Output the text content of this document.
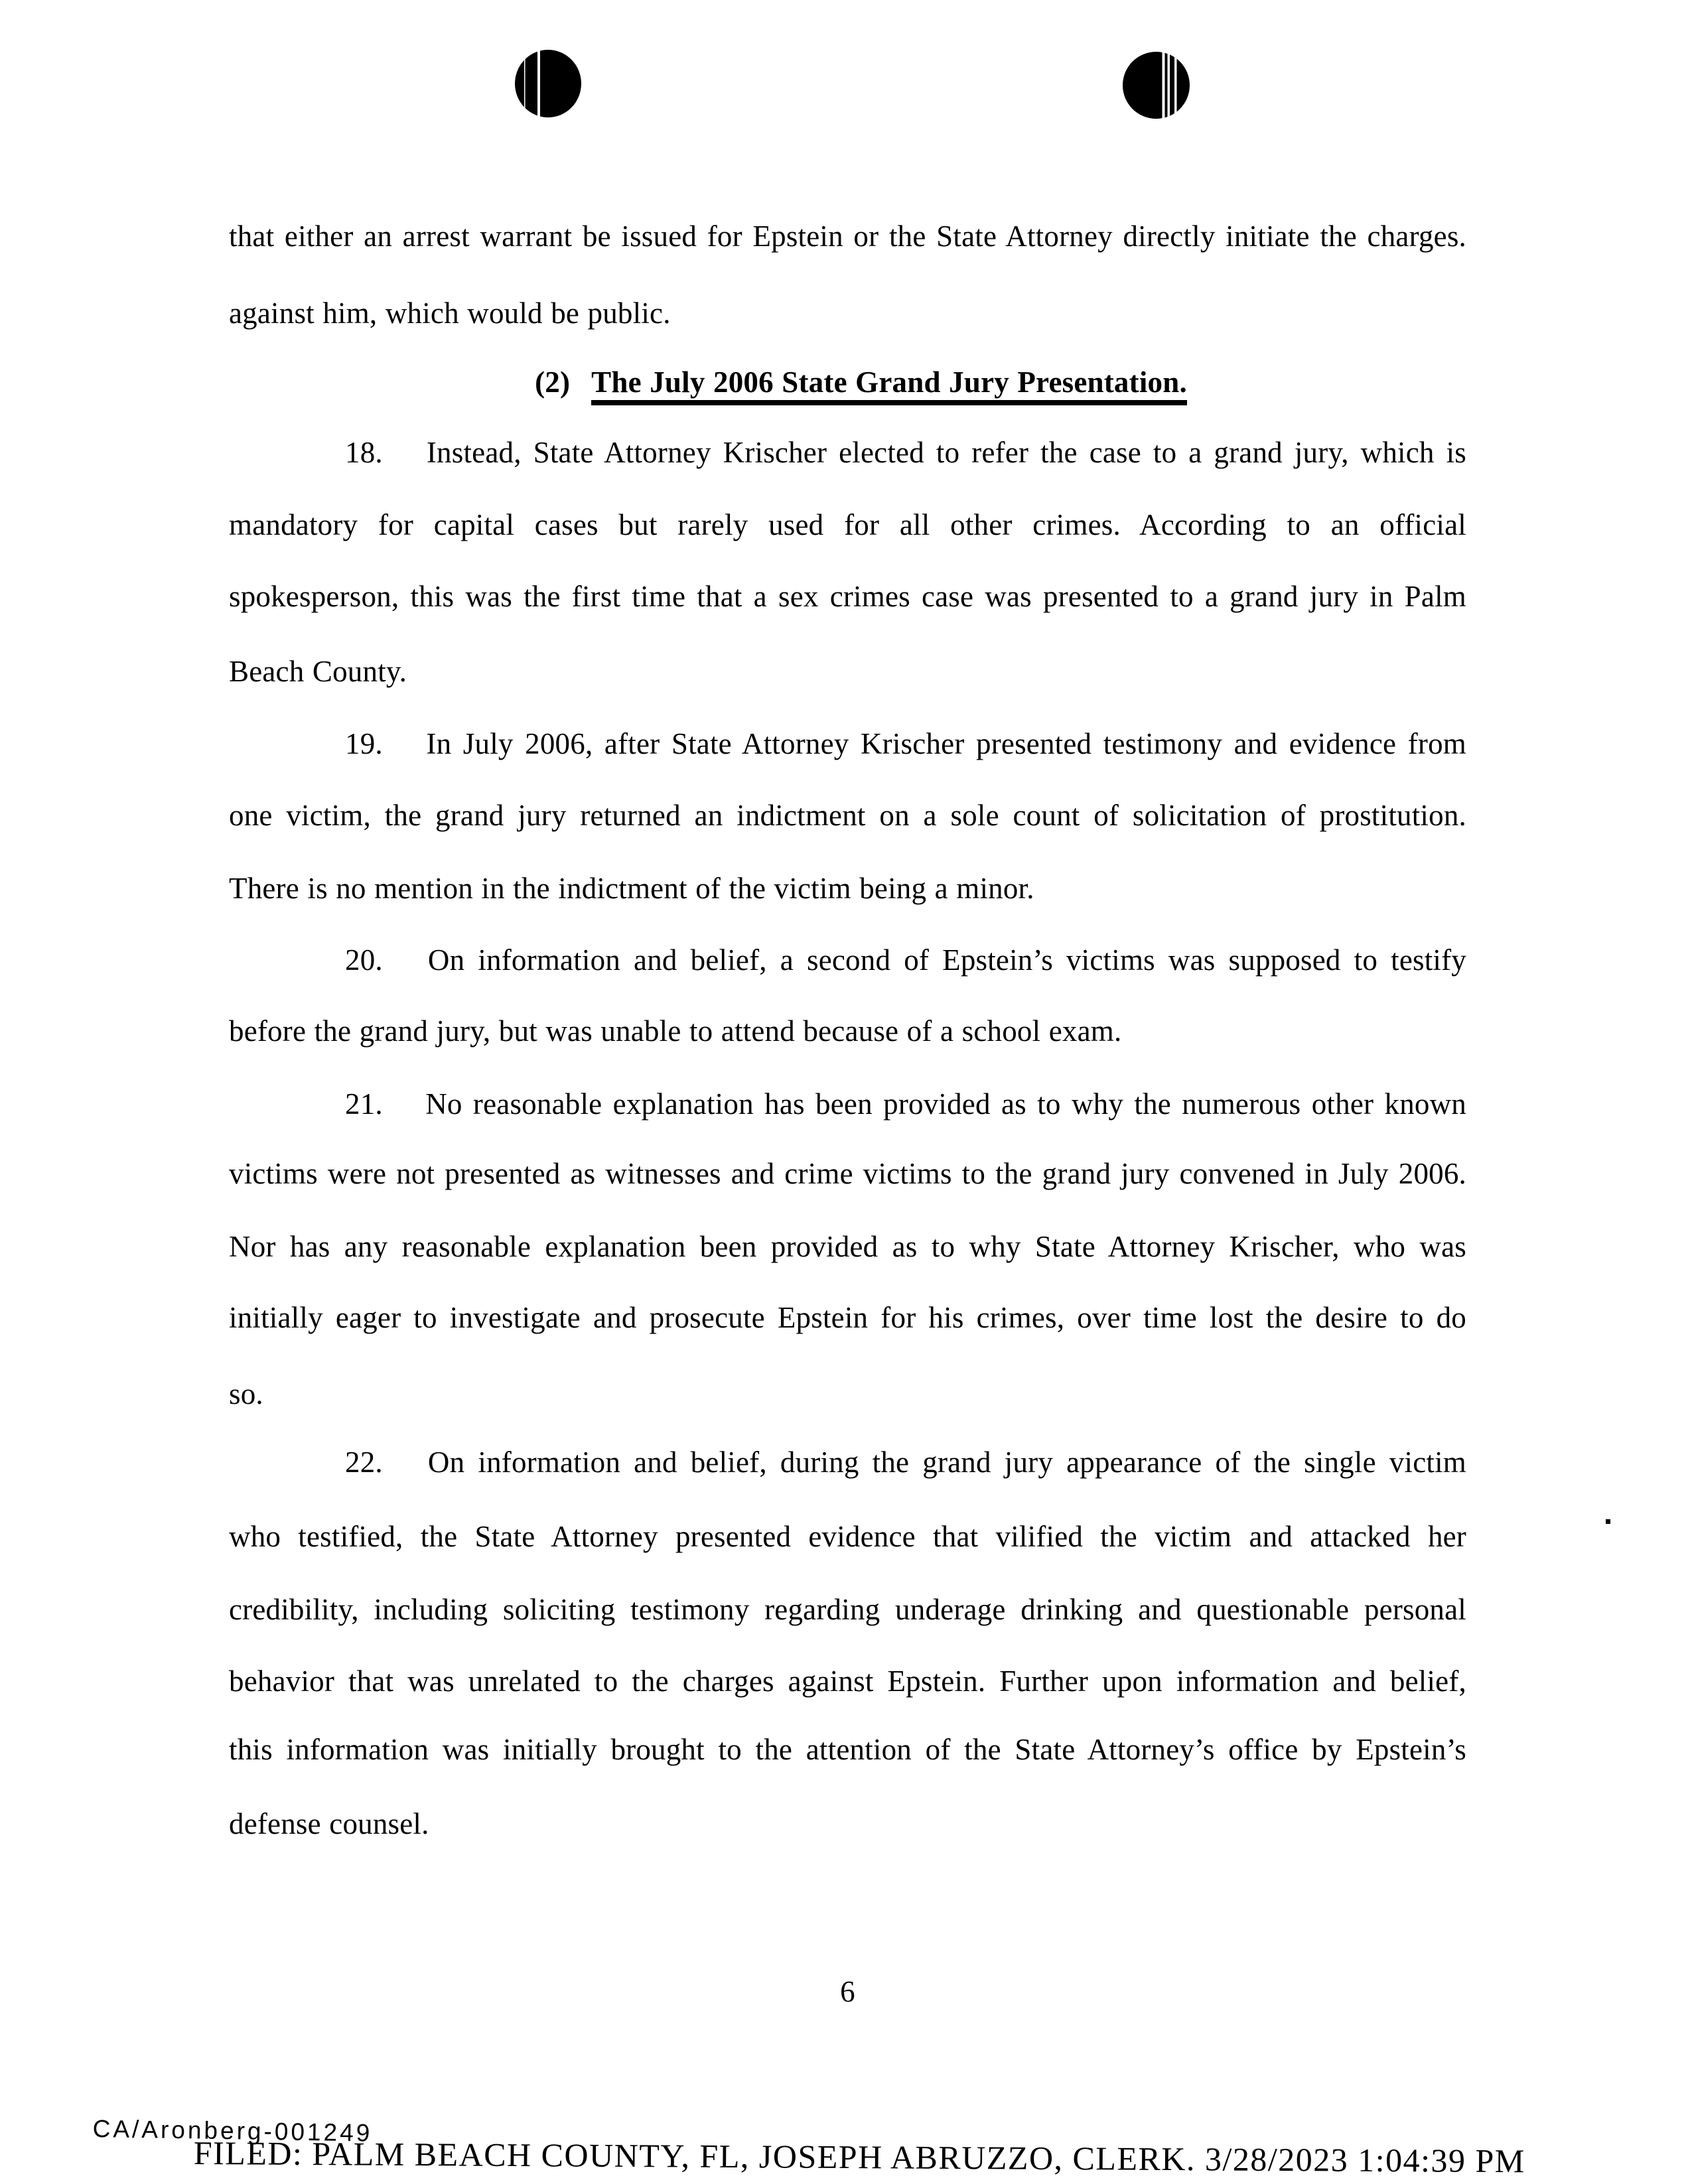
that either an arrest warrant be issued for Epstein or the State Attorney directly initiate the charges.
against him, which would be public.
(2) The July 2006 State Grand Jury Presentation.
18. Instead, State Attorney Krischer elected to refer the case to a grand jury, which is
mandatory for capital cases but rarely used for all other crimes. According to an official
spokesperson, this was the first time that a sex crimes case was presented to a grand jury in Palm
Beach County.
19. In July 2006, after State Attorney Krischer presented testimony and evidence from
one victim, the grand jury returned an indictment on a sole count of solicitation of prostitution.
There is no mention in the indictment of the victim being a minor.
20. On information and belief, a second of Epstein’s victims was supposed to testify
before the grand jury, but was unable to attend because of a school exam.
21. No reasonable explanation has been provided as to why the numerous other known
victims were not presented as witnesses and crime victims to the grand jury convened in July 2006.
Nor has any reasonable explanation been provided as to why State Attorney Krischer, who was
initially eager to investigate and prosecute Epstein for his crimes, over time lost the desire to do
so.
22. On information and belief, during the grand jury appearance of the single victim
who testified, the State Attorney presented evidence that vilified the victim and attacked her
credibility, including soliciting testimony regarding underage drinking and questionable personal
behavior that was unrelated to the charges against Epstein. Further upon information and belief,
this information was initially brought to the attention of the State Attorney’s office by Epstein’s
defense counsel.
6
CA/Aronberg-001249
FILED: PALM BEACH COUNTY, FL, JOSEPH ABRUZZO, CLERK. 3/28/2023 1:04:39 PM
